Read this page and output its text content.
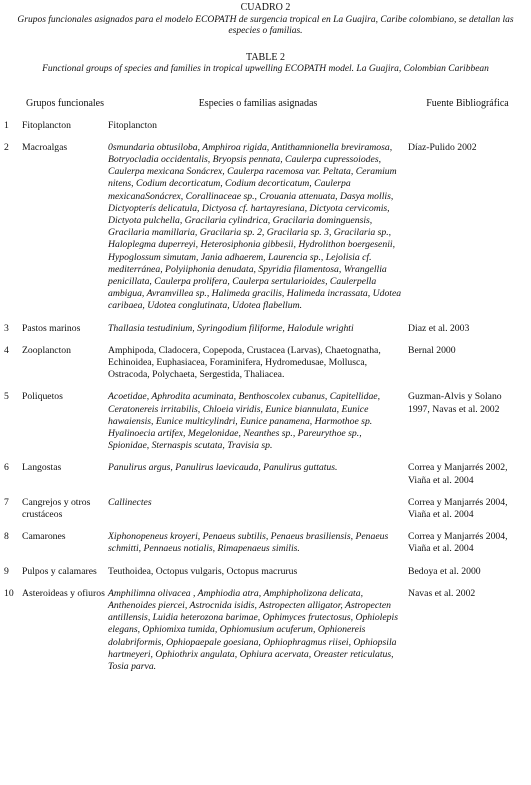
CUADRO 2
Grupos funcionales asignados para el modelo ECOPATH de surgencia tropical en La Guajira, Caribe colombiano, se detallan las especies o familias.
TABLE 2
Functional groups of species and families in tropical upwelling ECOPATH model. La Guajira, Colombian Caribbean
	Grupos funcionales	Especies o familias asignadas	Fuente Bibliográfica
1	Fitoplancton	Fitoplancton	
2	Macroalgas	0smundaria obtusiloba, Amphiroa rigida, Antithamnionella breviramosa, Botryocladia occidentalis, Bryopsis pennata, Caulerpa cupressoiodes, Caulerpa mexicana Sonácrex, Caulerpa racemosa var. Peltata, Ceramium nitens, Codium decorticatum, Codium decorticatum, Caulerpa mexicanaSonácrex, Corallinaceae sp., Crouania attenuata, Dasya mollis, Dictyopterís delicatula, Dictyosa cf. hartayresiana, Dictyota cervicomis, Dictyota pulchella, Gracilaria cylindrica, Gracilaria dominguensis, Gracilaria mamillaria, Gracilaria sp. 2, Gracilaria sp. 3, Gracilaria sp., Haloplegma duperreyi, Heterosiphonia gibbesii, Hydrolithon boergesenii, Hypoglossum simutam, Jania adhaerem, Laurencia sp., Lejolisia cf. mediterránea, Polyiiphonia denudata, Spyridia filamentosa, Wrangellia penicillata, Caulerpa prolifera, Caulerpa sertularioides, Caulerpella ambigua, Avramvillea sp., Halimeda gracilis, Halimeda incrassata, Udotea caribaea, Udotea conglutinata, Udotea flabellum.	Díaz-Pulido 2002
3	Pastos marinos	Thallasia testudinium, Syringodium filiforme, Halodule wrighti	Diaz et al. 2003
4	Zooplancton	Amphipoda, Cladocera, Copepoda, Crustacea (Larvas), Chaetognatha, Echinoidea, Euphasiacea, Foraminifera, Hydromedusae, Mollusca, Ostracoda, Polychaeta, Sergestida, Thaliacea.	Bernal 2000
5	Poliquetos	Acoetidae, Aphrodita acuminata, Benthoscolex cubanus, Capitellidae, Ceratonereis irritabilis, Chloeia viridis, Eunice biannulata, Eunice hawaiensis, Eunice multicylindri, Eunice panamena, Harmothoe sp. Hyalinoecia artifex, Megelonidae, Neanthes sp., Pareurythoe sp., Spionidae, Sternaspis scutata, Travisia sp.	Guzman-Alvis y Solano 1997, Navas et al. 2002
6	Langostas	Panulirus argus, Panulirus laevicauda, Panulirus guttatus.	Correa y Manjarrés 2002, Viaña et al. 2004
7	Cangrejos y otros crustáceos	Callinectes	Correa y Manjarrés 2004, Viaña et al. 2004
8	Camarones	Xiphonopeneus kroyeri, Penaeus subtilis, Penaeus brasiliensis, Penaeus schmitti, Pennaeus notialis, Rimapenaeus similis.	Correa y Manjarrés 2004, Viaña et al. 2004
9	Pulpos y calamares	Teuthoidea, Octopus vulgaris, Octopus macrurus	Bedoya et al. 2000
10	Asteroideas y ofiuros	Amphilimna olivacea , Amphiodia atra, Amphipholizona delicata, Anthenoides piercei, Astrocnida isidis, Astropecten alligator, Astropecten antillensis, Luidia heterozona barimae, Ophimyces frutectosus, Ophiolepis elegans, Ophiomixa tumida, Ophiomusium acuferum, Ophionereis dolabriformis, Ophiopaepale goesiana, Ophiophragmus riisei, Ophiopsila hartmeyeri, Ophiothrix angulata, Ophiura acervata, Oreaster reticulatus, Tosia parva.	Navas et al. 2002
